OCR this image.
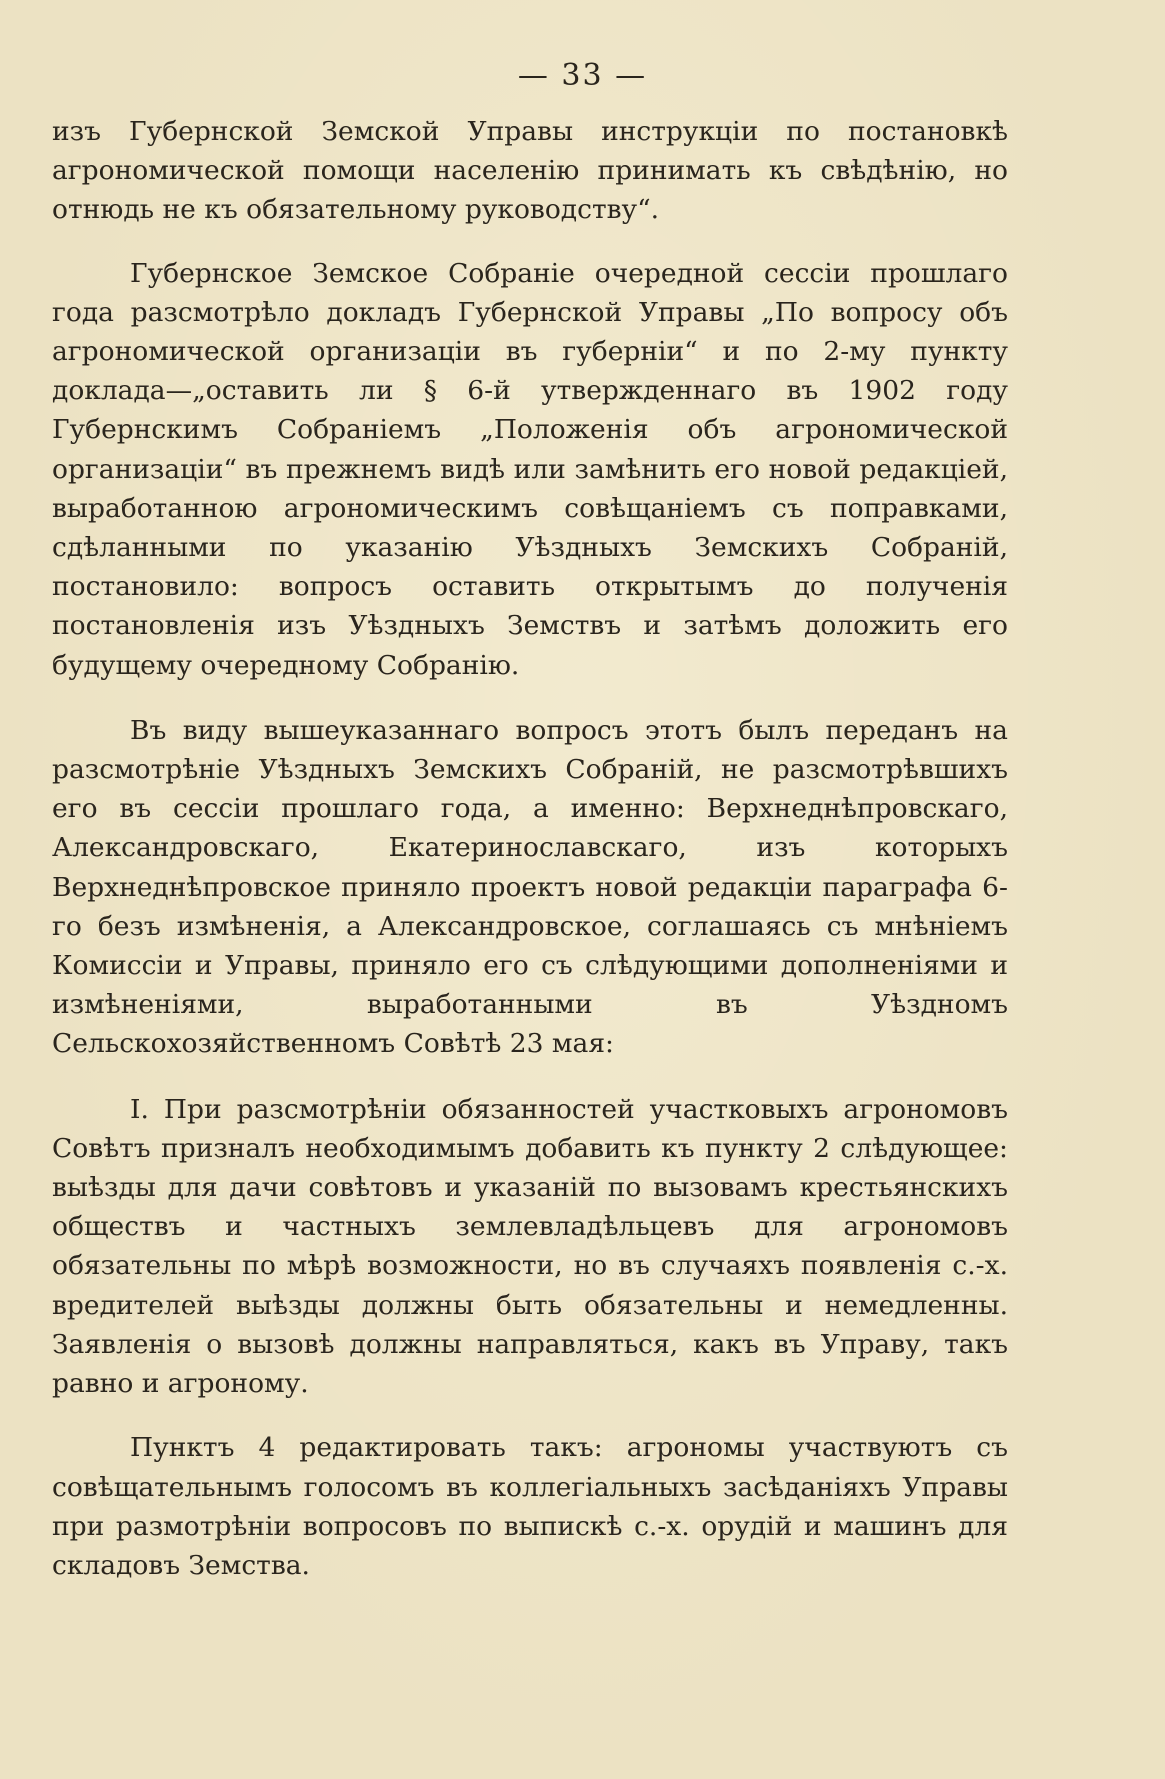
— 33 —

изъ Губернской Земской Управы инструкціи по постановкѣ агрономической помощи населенію принимать къ свѣдѣнію, но отнюдь не къ обязательному руководству“.

Губернское Земское Собраніе очередной сессіи прошлаго года разсмотрѣло докладъ Губернской Управы „По вопросу объ агрономической организаціи въ губерніи“ и по 2-му пункту доклада—„оставить ли § 6-й утвержденнаго въ 1902 году Губернскимъ Собраніемъ „Положенія объ агрономической организаціи“ въ прежнемъ видѣ или замѣнить его новой редакціей, выработанною агрономическимъ совѣщаніемъ съ поправками, сдѣланными по указанію Уѣздныхъ Земскихъ Собраній, постановило: вопросъ оставить открытымъ до полученія постановленія изъ Уѣздныхъ Земствъ и затѣмъ доложить его будущему очередному Собранію.

Въ виду вышеуказаннаго вопросъ этотъ былъ переданъ на разсмотрѣніе Уѣздныхъ Земскихъ Собраній, не разсмотрѣвшихъ его въ сессіи прошлаго года, а именно: Верхнеднѣпровскаго, Александровскаго, Екатеринославскаго, изъ которыхъ Верхнеднѣпровское приняло проектъ новой редакціи параграфа 6-го безъ измѣненія, а Александровское, соглашаясь съ мнѣніемъ Комиссіи и Управы, приняло его съ слѣдующими дополненіями и измѣненіями, выработанными въ Уѣздномъ Сельскохозяйственномъ Совѣтѣ 23 мая:

I. При разсмотрѣніи обязанностей участковыхъ агрономовъ Совѣтъ призналъ необходимымъ добавить къ пункту 2 слѣдующее: выѣзды для дачи совѣтовъ и указаній по вызовамъ крестьянскихъ обществъ и частныхъ землевладѣльцевъ для агрономовъ обязательны по мѣрѣ возможности, но въ случаяхъ появленія с.-х. вредителей выѣзды должны быть обязательны и немедленны. Заявленія о вызовѣ должны направляться, какъ въ Управу, такъ равно и агроному.

Пунктъ 4 редактировать такъ: агрономы участвуютъ съ совѣщательнымъ голосомъ въ коллегіальныхъ засѣданіяхъ Управы при размотрѣніи вопросовъ по выпискѣ с.-х. орудій и машинъ для складовъ Земства.
